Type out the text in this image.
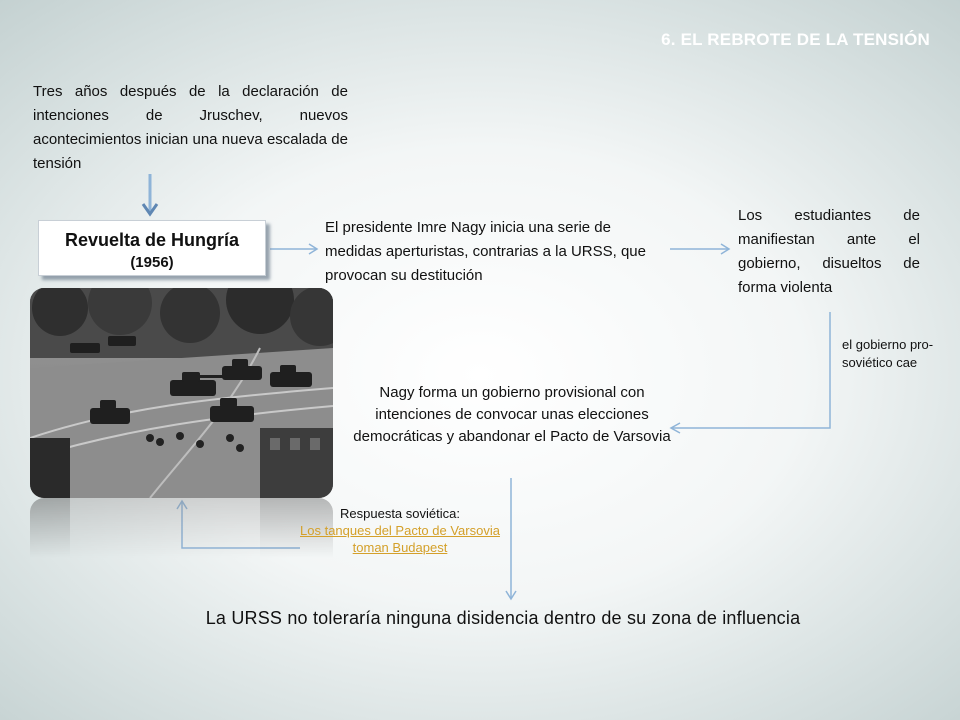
6. EL REBROTE DE LA TENSIÓN
Tres años después de la declaración de intenciones de Jruschev, nuevos acontecimientos inician una nueva escalada de tensión
Revuelta de Hungría
(1956)
El presidente Imre Nagy inicia una serie de medidas aperturistas, contrarias a la URSS, que provocan su destitución
Los estudiantes de manifiestan ante el gobierno, disueltos de forma violenta
el gobierno pro-soviético cae
Nagy forma un gobierno provisional con intenciones de convocar unas elecciones democráticas y abandonar el Pacto de Varsovia
Respuesta soviética:
Los tanques del Pacto de Varsovia toman Budapest
La URSS no toleraría ninguna disidencia dentro de su zona de influencia
